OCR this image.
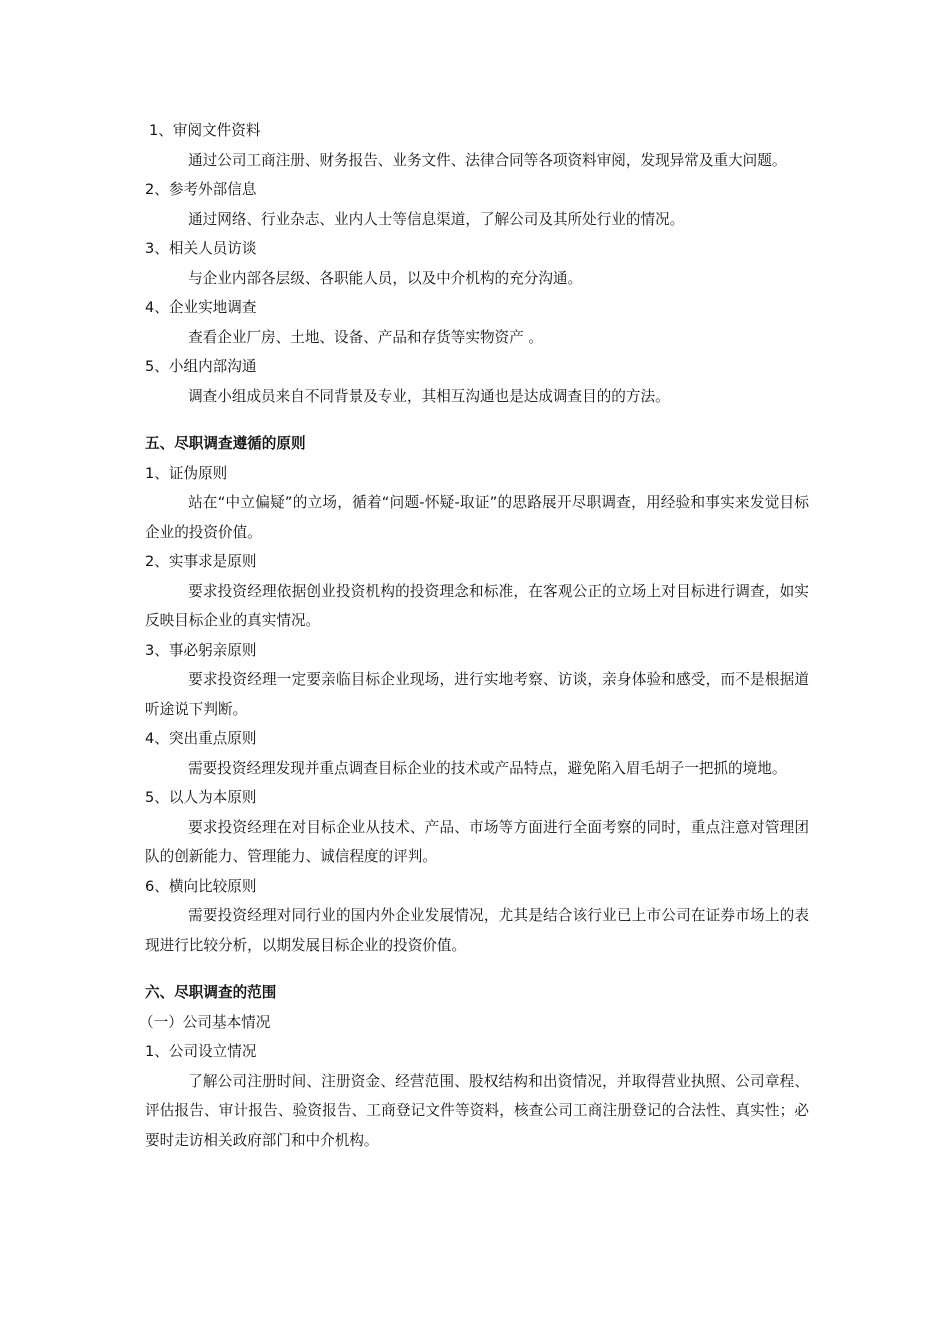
1、审阅文件资料
通过公司工商注册、财务报告、业务文件、法律合同等各项资料审阅，发现异常及重大问题。
2、参考外部信息
通过网络、行业杂志、业内人士等信息渠道，了解公司及其所处行业的情况。
3、相关人员访谈
与企业内部各层级、各职能人员，以及中介机构的充分沟通。
4、企业实地调查
查看企业厂房、土地、设备、产品和存货等实物资产 。
5、小组内部沟通
调查小组成员来自不同背景及专业，其相互沟通也是达成调查目的的方法。
五、尽职调查遵循的原则
1、证伪原则
站在“中立偏疑”的立场，循着“问题-怀疑-取证”的思路展开尽职调查，用经验和事实来发觉目标企业的投资价值。
2、实事求是原则
要求投资经理依据创业投资机构的投资理念和标准，在客观公正的立场上对目标进行调查，如实反映目标企业的真实情况。
3、事必躬亲原则
要求投资经理一定要亲临目标企业现场，进行实地考察、访谈，亲身体验和感受，而不是根据道听途说下判断。
4、突出重点原则
需要投资经理发现并重点调查目标企业的技术或产品特点，避免陷入眉毛胡子一把抓的境地。
5、以人为本原则
要求投资经理在对目标企业从技术、产品、市场等方面进行全面考察的同时，重点注意对管理团队的创新能力、管理能力、诚信程度的评判。
6、横向比较原则
需要投资经理对同行业的国内外企业发展情况，尤其是结合该行业已上市公司在证券市场上的表现进行比较分析，以期发展目标企业的投资价值。
六、尽职调查的范围
（一）公司基本情况
1、公司设立情况
了解公司注册时间、注册资金、经营范围、股权结构和出资情况，并取得营业执照、公司章程、评估报告、审计报告、验资报告、工商登记文件等资料，核查公司工商注册登记的合法性、真实性；必要时走访相关政府部门和中介机构。
